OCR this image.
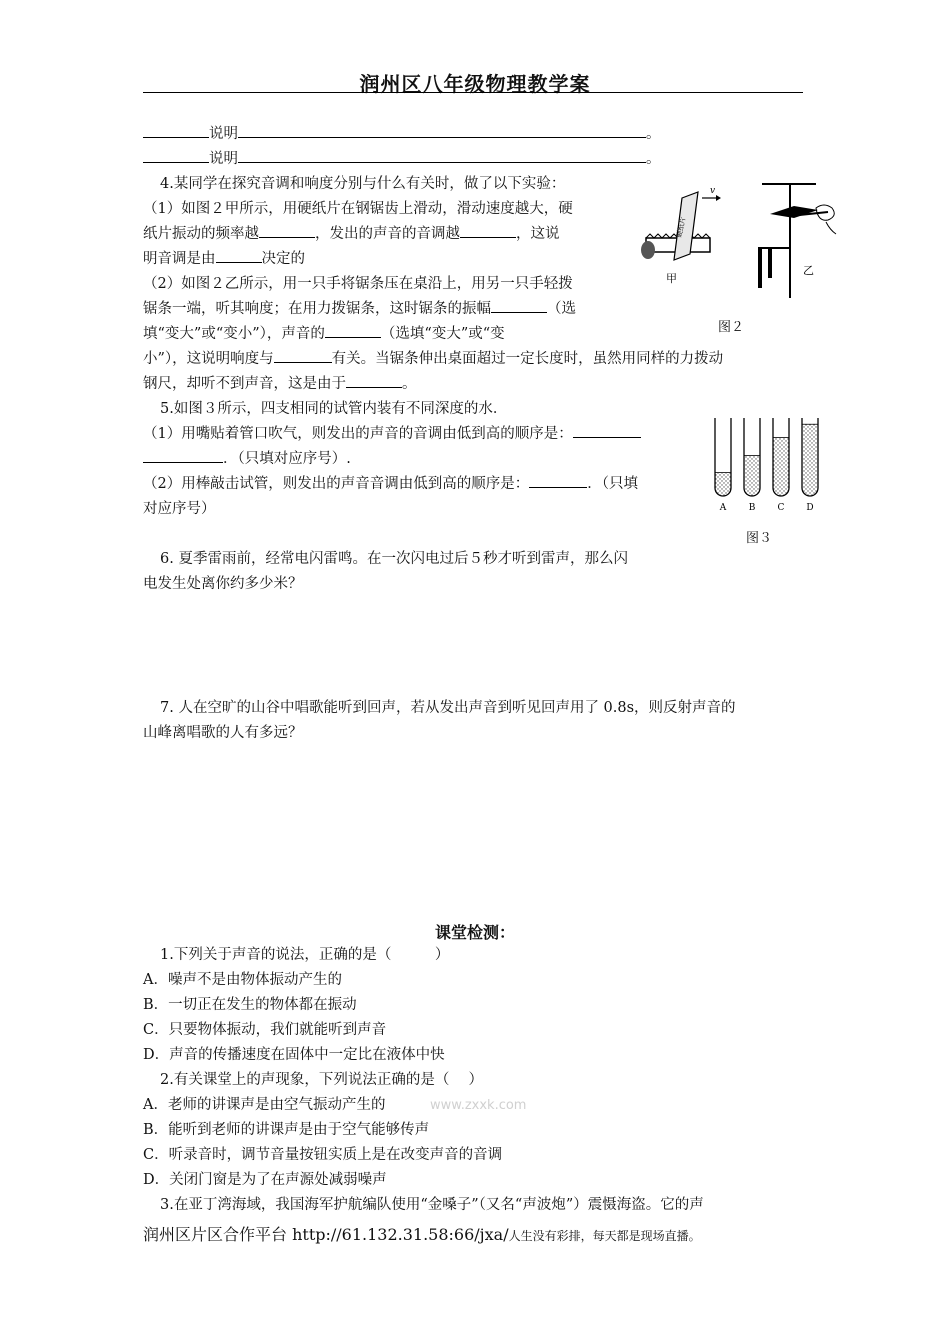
润州区八年级物理教学案
说明	。
说明	。
4.某同学在探究音调和响度分别与什么有关时，做了以下实验：
（1）如图２甲所示，用硬纸片在钢锯齿上滑动，滑动速度越大，硬
纸片振动的频率越	，发出的声音的音调越	，这说
明音调是由	决定的
（2）如图２乙所示，用一只手将锯条压在桌沿上，用另一只手轻拨
锯条一端，听其响度；在用力拨锯条，这时锯条的振幅	（选
填“变大”或“变小”），声音的	（选填“变大”或“变
小”），这说明响度与	有关。当锯条伸出桌面超过一定长度时，虽然用同样的力拨动
钢尺，却听不到声音，这是由于	。
硬纸片
v
甲
乙
图２
5.如图３所示，四支相同的试管内装有不同深度的水．
（1）用嘴贴着管口吹气，则发出的声音的音调由低到高的顺序是：
．（只填对应序号）.
（2）用棒敲击试管，则发出的声音音调由低到高的顺序是：	．（只填
对应序号）	A B C D
图３
6. 夏季雷雨前，经常电闪雷鸣。在一次闪电过后５秒才听到雷声，那么闪
电发生处离你约多少米？
7. 人在空旷的山谷中唱歌能听到回声，若从发出声音到听见回声用了 0.8s，则反射声音的
山峰离唱歌的人有多远？
课堂检测：
1.下列关于声音的说法，正确的是（　　　）
A．噪声不是由物体振动产生的
B．一切正在发生的物体都在振动
C．只要物体振动，我们就能听到声音
D．声音的传播速度在固体中一定比在液体中快
2.有关课堂上的声现象，下列说法正确的是（　 ）
www.zxxk.com
A．老师的讲课声是由空气振动产生的
B．能听到老师的讲课声是由于空气能够传声
C．听录音时，调节音量按钮实质上是在改变声音的音调
D．关闭门窗是为了在声源处减弱噪声
3.在亚丁湾海域，我国海军护航编队使用“金嗓子”（又名“声波炮”）震慑海盗。它的声
润州区片区合作平台 http://61.132.31.58:66/jxa/人生没有彩排，每天都是现场直播。
